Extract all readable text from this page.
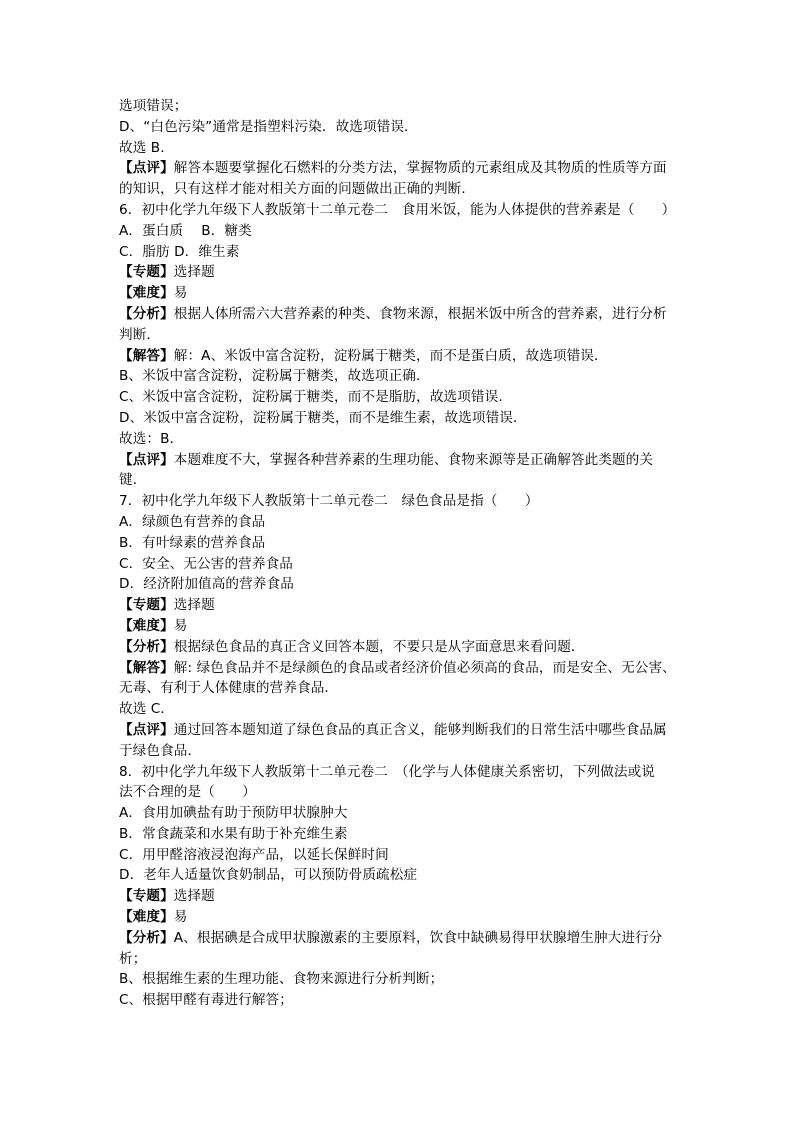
选项错误；
D、“白色污染”通常是指塑料污染．故选项错误．
故选 B．
【点评】解答本题要掌握化石燃料的分类方法，掌握物质的元素组成及其物质的性质等方面
的知识，只有这样才能对相关方面的问题做出正确的判断．
6．初中化学九年级下人教版第十二单元卷二　食用米饭，能为人体提供的营养素是（　　）
A．蛋白质　 B．糖类
C．脂肪 D．维生素
【专题】选择题
【难度】易
【分析】根据人体所需六大营养素的种类、食物来源，根据米饭中所含的营养素，进行分析
判断．
【解答】解：A、米饭中富含淀粉，淀粉属于糖类，而不是蛋白质，故选项错误．
B、米饭中富含淀粉，淀粉属于糖类，故选项正确．
C、米饭中富含淀粉，淀粉属于糖类，而不是脂肪，故选项错误．
D、米饭中富含淀粉，淀粉属于糖类，而不是维生素，故选项错误．
故选：B．
【点评】本题难度不大，掌握各种营养素的生理功能、食物来源等是正确解答此类题的关
键．
7．初中化学九年级下人教版第十二单元卷二　绿色食品是指（　　）
A．绿颜色有营养的食品
B．有叶绿素的营养食品
C．安全、无公害的营养食品
D．经济附加值高的营养食品
【专题】选择题
【难度】易
【分析】根据绿色食品的真正含义回答本题，不要只是从字面意思来看问题．
【解答】解: 绿色食品并不是绿颜色的食品或者经济价值必须高的食品，而是安全、无公害、
无毒、有利于人体健康的营养食品．
故选 C．
【点评】通过回答本题知道了绿色食品的真正含义，能够判断我们的日常生活中哪些食品属
于绿色食品．
8．初中化学九年级下人教版第十二单元卷二　（化学与人体健康关系密切，下列做法或说
法不合理的是（　　）
A．食用加碘盐有助于预防甲状腺肿大
B．常食蔬菜和水果有助于补充维生素
C．用甲醛溶液浸泡海产品，以延长保鲜时间
D．老年人适量饮食奶制品，可以预防骨质疏松症
【专题】选择题
【难度】易
【分析】A、根据碘是合成甲状腺激素的主要原料，饮食中缺碘易得甲状腺增生肿大进行分
析；
B、根据维生素的生理功能、食物来源进行分析判断；
C、根据甲醛有毒进行解答；
